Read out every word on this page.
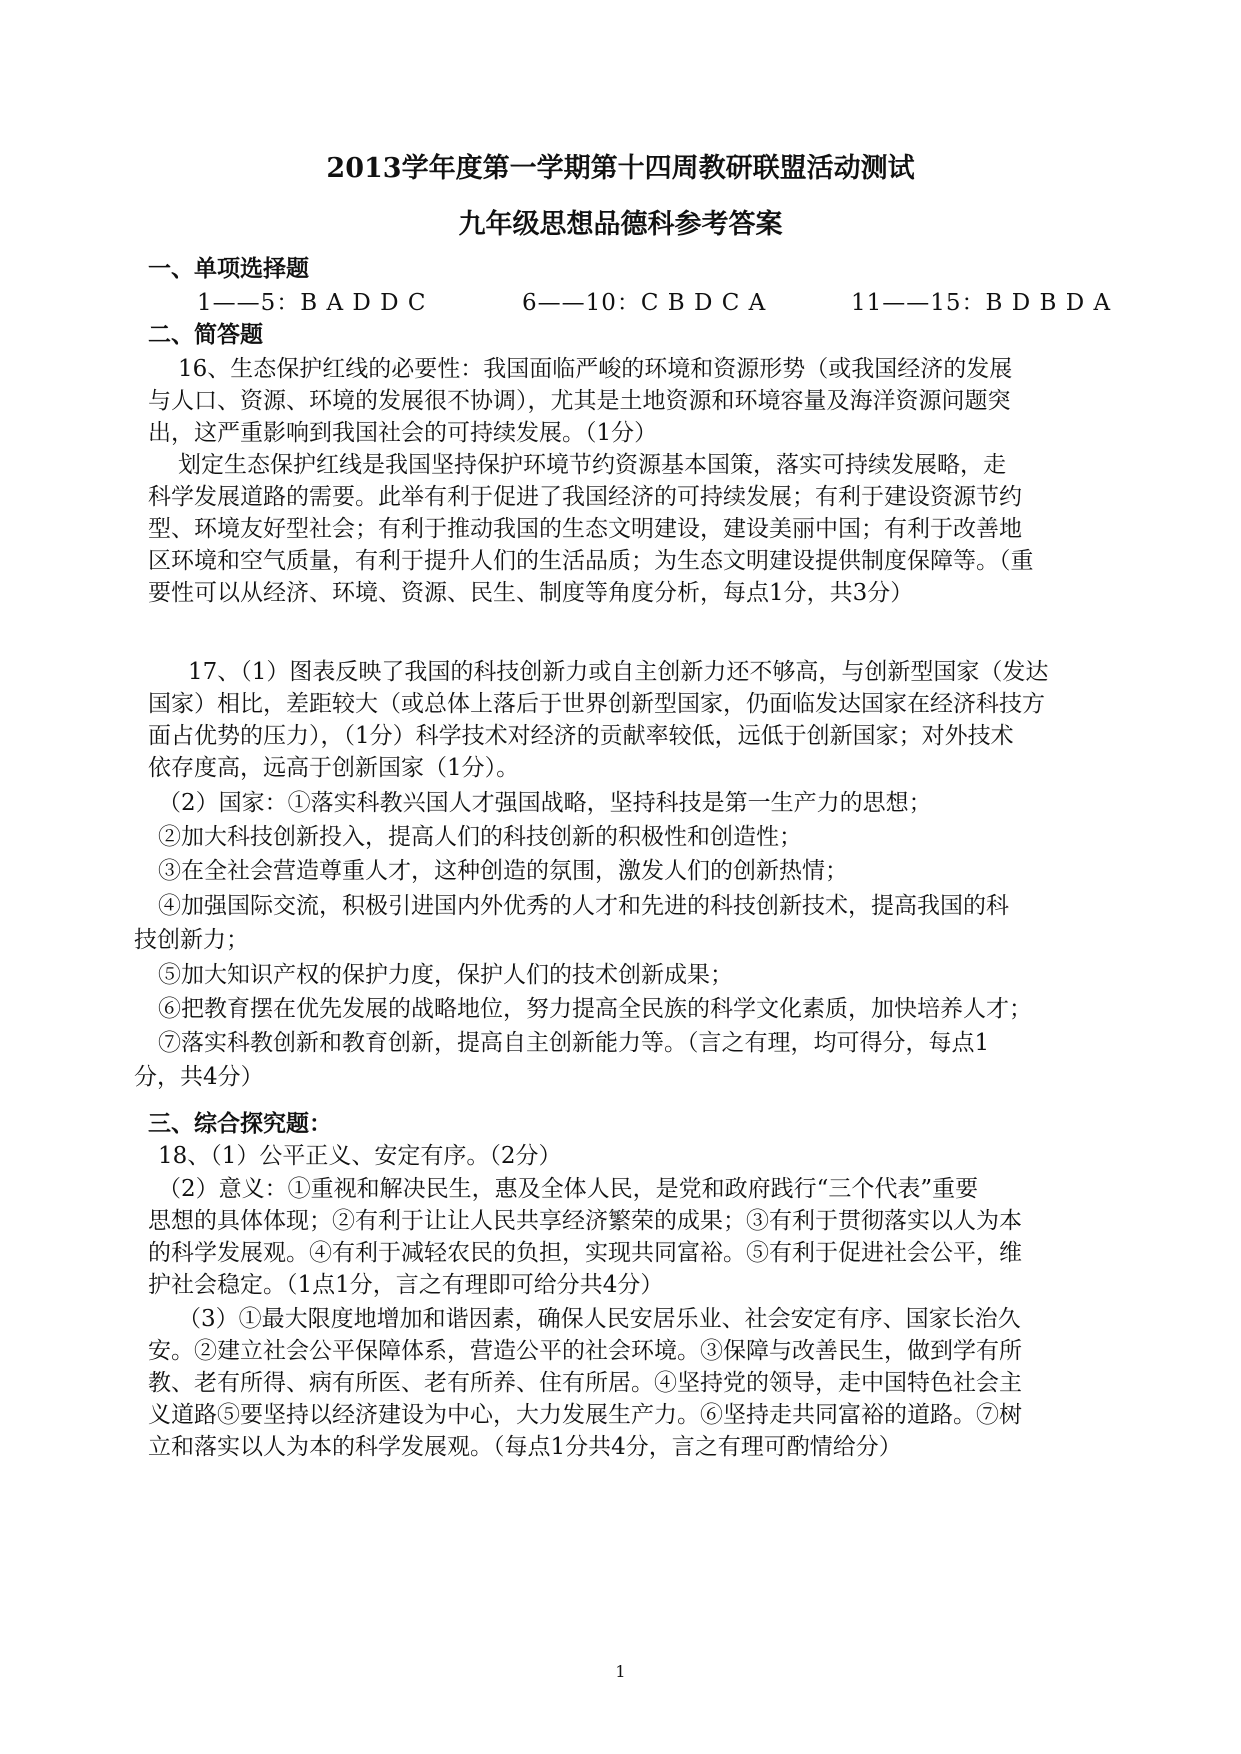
2013学年度第一学期第十四周教研联盟活动测试
九年级思想品德科参考答案
一、单项选择题
1——5：B A D D C	6——10：C B D C A	11——15：B D B D A
二、简答题
16、生态保护红线的必要性：我国面临严峻的环境和资源形势（或我国经济的发展
与人口、资源、环境的发展很不协调），尤其是土地资源和环境容量及海洋资源问题突
出，这严重影响到我国社会的可持续发展。（1分）
划定生态保护红线是我国坚持保护环境节约资源基本国策，落实可持续发展略，走
科学发展道路的需要。此举有利于促进了我国经济的可持续发展；有利于建设资源节约
型、环境友好型社会；有利于推动我国的生态文明建设，建设美丽中国；有利于改善地
区环境和空气质量，有利于提升人们的生活品质；为生态文明建设提供制度保障等。（重
要性可以从经济、环境、资源、民生、制度等角度分析，每点1分，共3分）
17、（1）图表反映了我国的科技创新力或自主创新力还不够高，与创新型国家（发达
国家）相比，差距较大（或总体上落后于世界创新型国家，仍面临发达国家在经济科技方
面占优势的压力），（1分）科学技术对经济的贡献率较低，远低于创新国家；对外技术
依存度高，远高于创新国家（1分）。
（2）国家：①落实科教兴国人才强国战略，坚持科技是第一生产力的思想；
②加大科技创新投入，提高人们的科技创新的积极性和创造性；
③在全社会营造尊重人才，这种创造的氛围，激发人们的创新热情；
④加强国际交流，积极引进国内外优秀的人才和先进的科技创新技术，提高我国的科
技创新力；
⑤加大知识产权的保护力度，保护人们的技术创新成果；
⑥把教育摆在优先发展的战略地位，努力提高全民族的科学文化素质，加快培养人才；
⑦落实科教创新和教育创新，提高自主创新能力等。（言之有理，均可得分，每点1
分，共4分）
三、综合探究题：
18、（1）公平正义、安定有序。（2分）
（2）意义：①重视和解决民生，惠及全体人民，是党和政府践行“三个代表”重要
思想的具体体现；②有利于让让人民共享经济繁荣的成果；③有利于贯彻落实以人为本
的科学发展观。④有利于减轻农民的负担，实现共同富裕。⑤有利于促进社会公平，维
护社会稳定。（1点1分，言之有理即可给分共4分）
（3）①最大限度地增加和谐因素，确保人民安居乐业、社会安定有序、国家长治久
安。②建立社会公平保障体系，营造公平的社会环境。③保障与改善民生，做到学有所
教、老有所得、病有所医、老有所养、住有所居。④坚持党的领导，走中国特色社会主
义道路⑤要坚持以经济建设为中心，大力发展生产力。⑥坚持走共同富裕的道路。⑦树
立和落实以人为本的科学发展观。（每点1分共4分，言之有理可酌情给分）
1
